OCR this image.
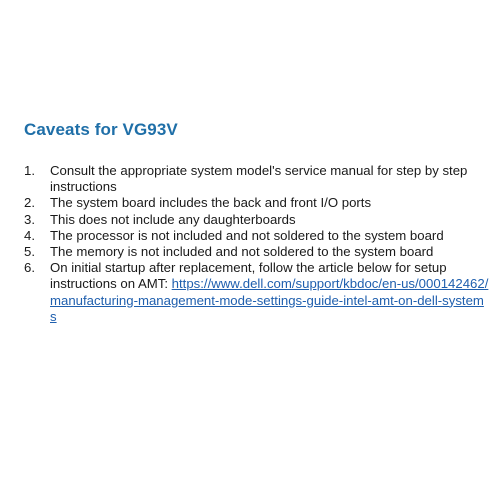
Caveats for VG93V
1.	Consult the appropriate system model's service manual for step by step instructions
2.	The system board includes the back and front I/O ports
3.	This does not include any daughterboards
4.	The processor is not included and not soldered to the system board
5.	The memory is not included and not soldered to the system board
6.	On initial startup after replacement, follow the article below for setup instructions on AMT: https://www.dell.com/support/kbdoc/en-us/000142462/manufacturing-management-mode-settings-guide-intel-amt-on-dell-systems
